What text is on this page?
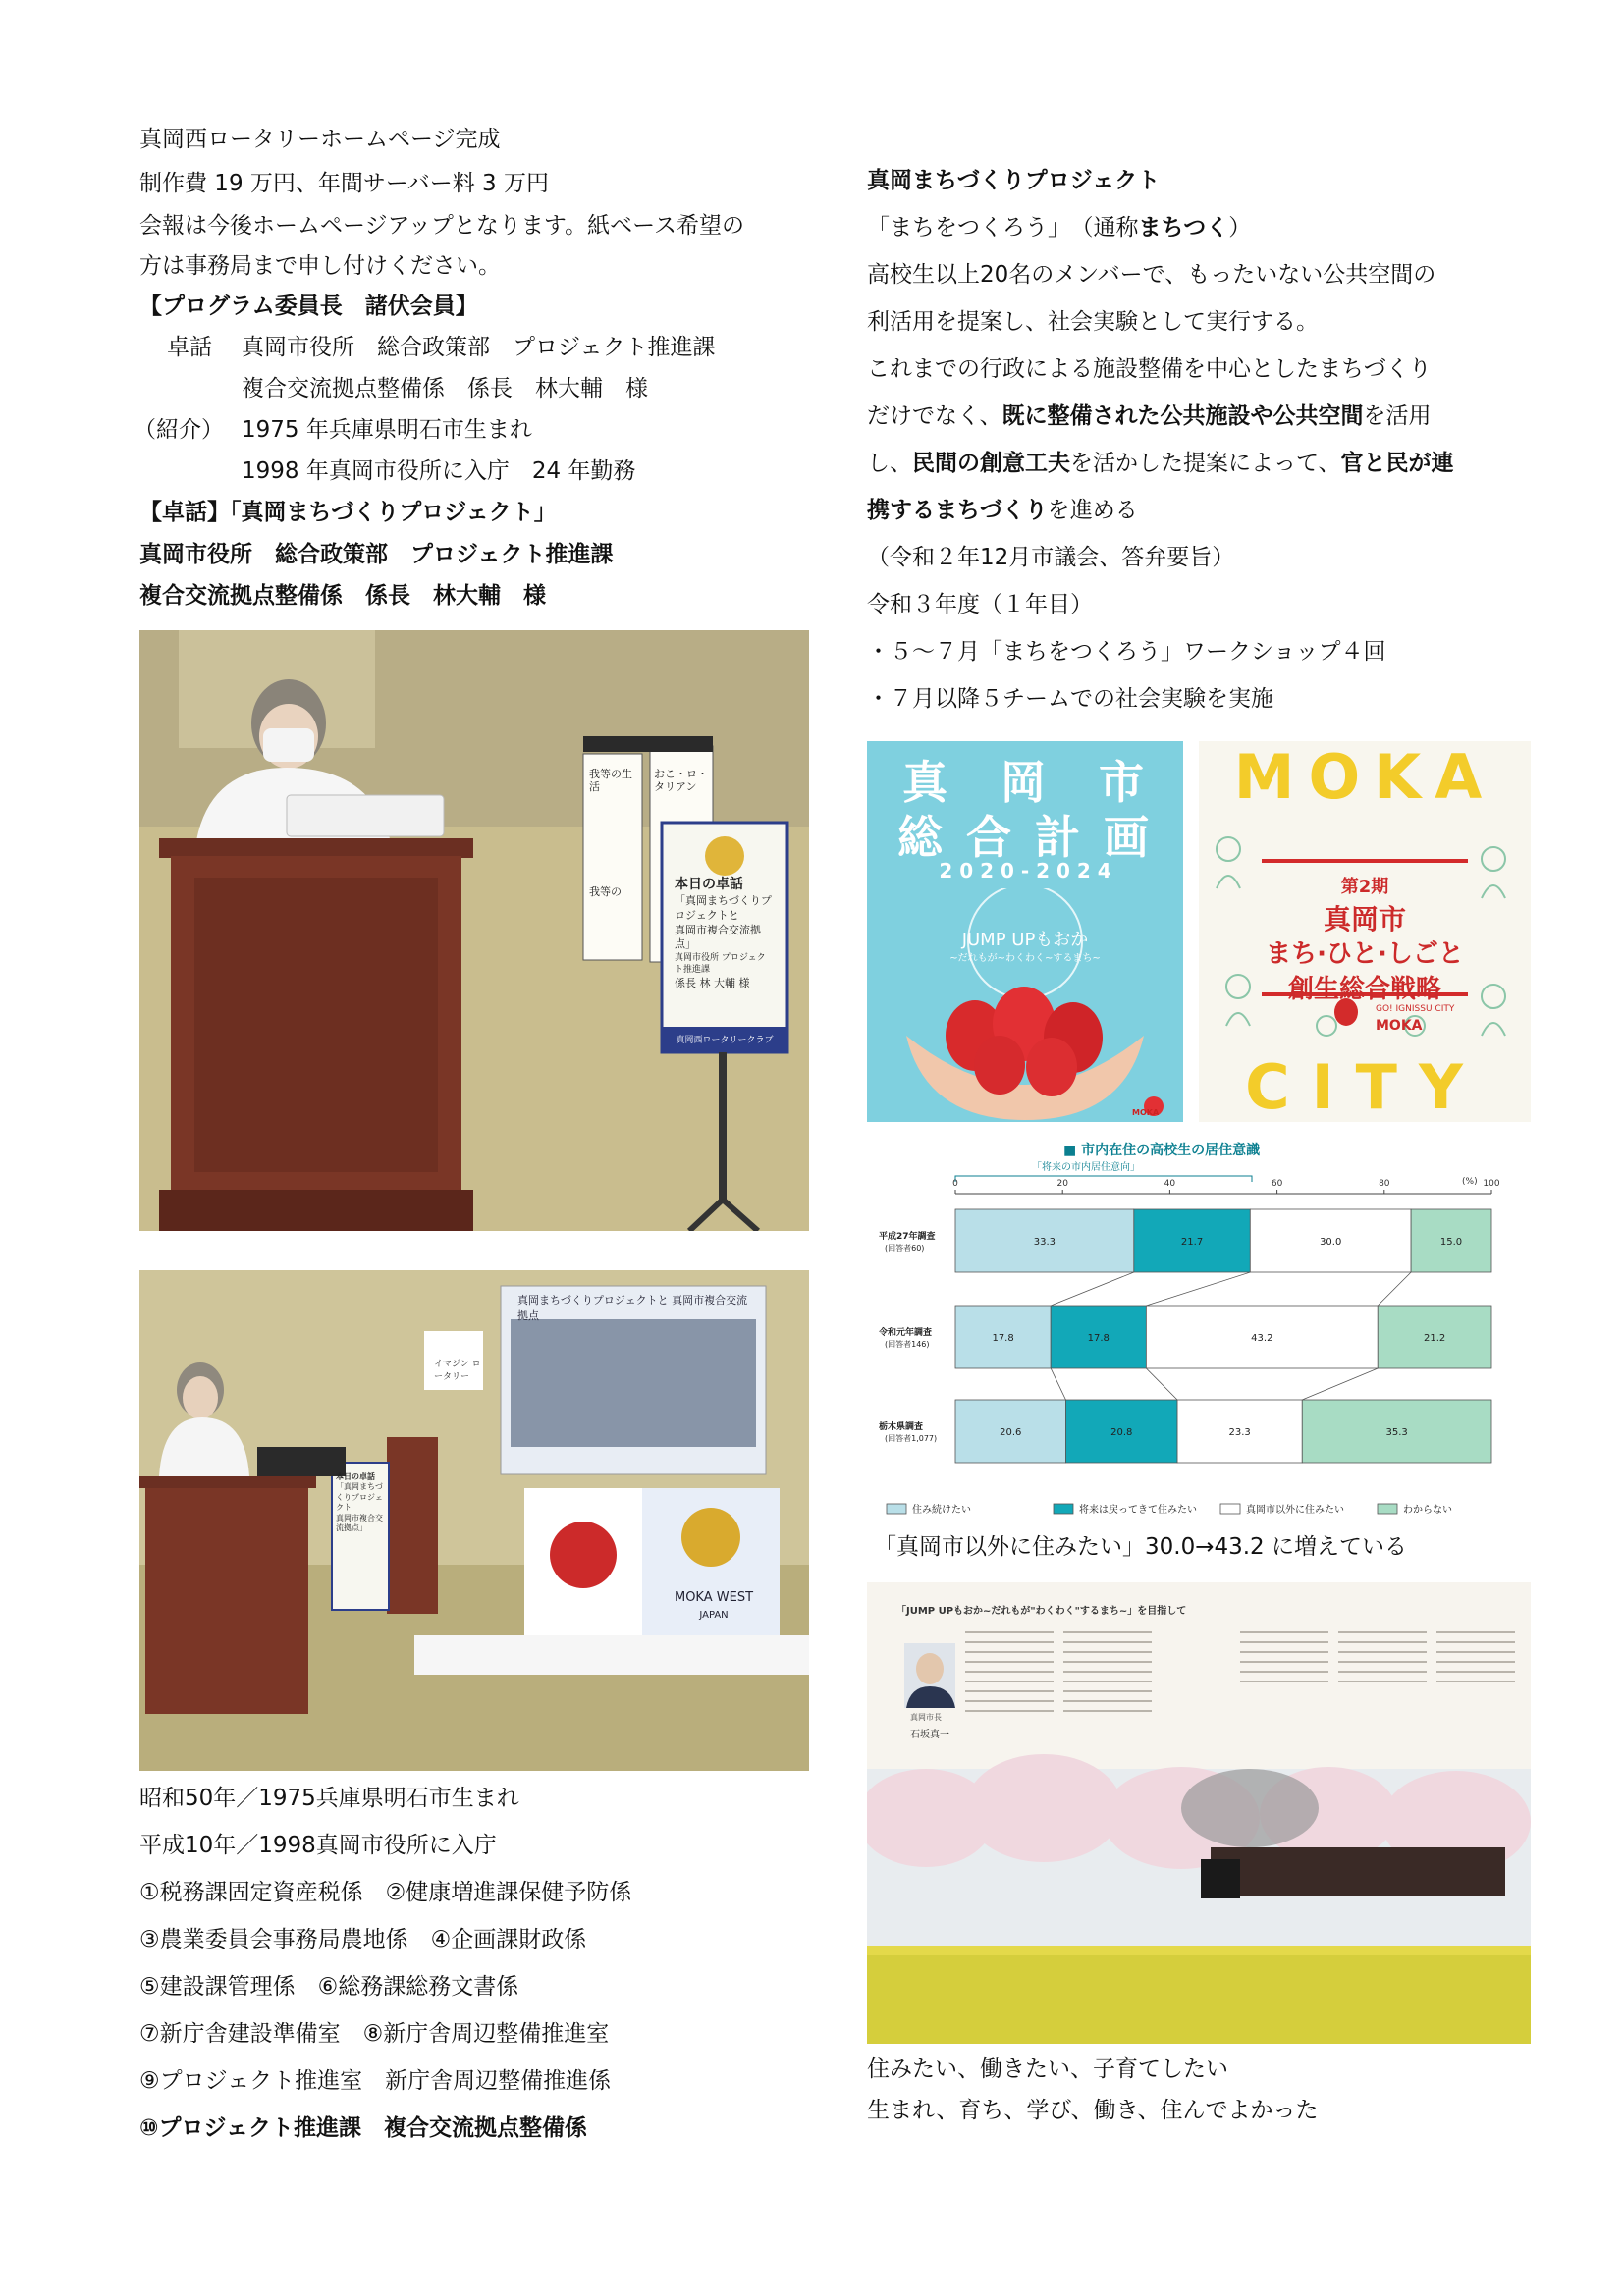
真岡西ロータリーホームページ完成
制作費 19 万円、年間サーバー料 3 万円
会報は今後ホームページアップとなります。紙ベース希望の
方は事務局まで申し付けください。
【プログラム委員長　諸伏会員】
卓話 真岡市役所　総合政策部　プロジェクト推進課
複合交流拠点整備係　係長　林大輔　様
（紹介） 1975 年兵庫県明石市生まれ
1998 年真岡市役所に入庁　24 年勤務
【卓話】「真岡まちづくりプロジェクト」
真岡市役所　総合政策部　プロジェクト推進課
複合交流拠点整備係　係長　林大輔　様
本日の卓話
「真岡まちづくりプロジェクトと
真岡市複合交流拠点」
真岡市役所 プロジェクト推進課
係長 林 大輔 様
真岡西ロータリークラブ
我等の生活
おこ・ロ・タリアン
我等の
真岡まちづくりプロジェクトと 真岡市複合交流拠点
イマジン ロータリー
MOKA WEST
JAPAN
本日の卓話
「真岡まちづくりプロジェクト
真岡市複合交流拠点」
昭和50年／1975兵庫県明石市生まれ
平成10年／1998真岡市役所に入庁
①税務課固定資産税係　②健康増進課保健予防係
③農業委員会事務局農地係　④企画課財政係
⑤建設課管理係　⑥総務課総務文書係
⑦新庁舎建設準備室　⑧新庁舎周辺整備推進室
⑨プロジェクト推進室　新庁舎周辺整備推進係
⑩プロジェクト推進課　複合交流拠点整備係
真岡まちづくりプロジェクト
「まちをつくろう」 （通称まちつく）
高校生以上20名のメンバーで、もったいない公共空間の
利活用を提案し、社会実験として実行する。
これまでの行政による施設整備を中心としたまちづくり
だけでなく、既に整備された公共施設や公共空間を活用
し、民間の創意工夫を活かした提案によって、官と民が連
携するまちづくりを進める
（令和２年12月市議会、答弁要旨）
令和３年度（１年目）
・５～７月「まちをつくろう」ワークショップ４回
・７月以降５チームでの社会実験を実施
真　岡　市
総 合 計 画
2 0 2 0 - 2 0 2 4
JUMP UPもおか
~だれもが~わくわく~するまち~
MOKA
MOKA
第2期
真岡市
まち·ひと·しごと
創生総合戦略
GO! IGNISSU CITY
MOKA
CITY
■ 市内在住の高校生の居住意識
「将来の市内居住意向」
(%)
0	20	40	60	80	100
平成27年調査
(回答者60)
33.3	21.7	30.0	15.0
令和元年調査
(回答者146)
17.8	17.8	43.2	21.2
栃木県調査
(回答者1,077)
20.6	20.8	23.3	35.3
住み続けたい	将来は戻ってきて住みたい	真岡市以外に住みたい	わからない
「真岡市以外に住みたい」30.0→43.2 に増えている
「JUMP UPもおか~だれもが"わくわく"するまち~」を目指して
真岡市長
石坂真一
住みたい、働きたい、子育てしたい
生まれ、育ち、学び、働き、住んでよかった
